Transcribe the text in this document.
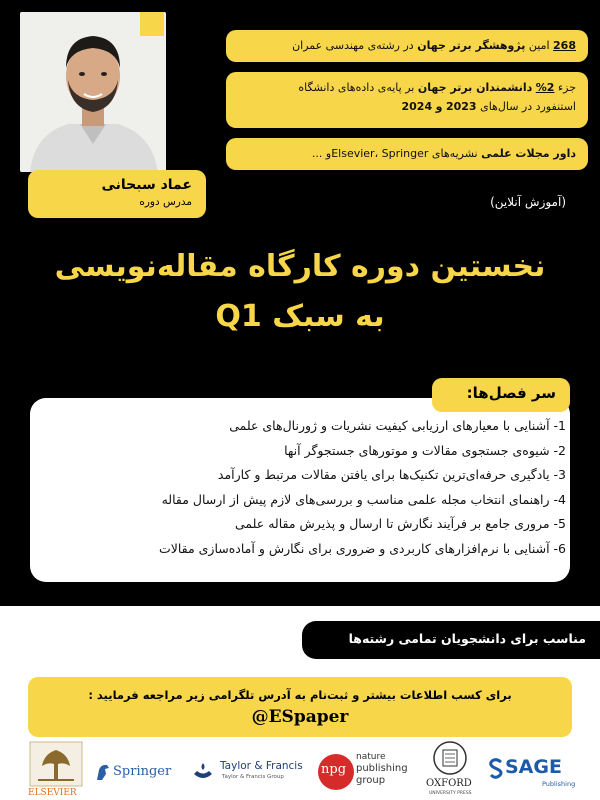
عماد سبحانی
مدرس دوره
268 امین پژوهشگر برتر جهان در رشته‌ی مهندسی عمران
جزء 2% دانشمندان برتر جهان بر پایه‌ی داده‌های دانشگاه
استنفورد در سال‌های 2023 و 2024
داور مجلات علمی نشریه‌های Elsevier، Springerو ...
(آموزش آنلاین)
نخستین دوره کارگاه مقاله‌نویسی
به سبک Q1
سر فصل‌ها:
1- آشنایی با معیارهای ارزیابی کیفیت نشریات و ژورنال‌های علمی
2- شیوه‌ی جستجوی مقالات و موتورهای جستجوگر آنها
3- یادگیری حرفه‌ای‌ترین تکنیک‌ها برای یافتن مقالات مرتبط و کارآمد
4- راهنمای انتخاب مجله علمی مناسب و بررسی‌های لازم پیش از ارسال مقاله
5- مروری جامع بر فرآیند نگارش تا ارسال و پذیرش مقاله علمی
6- آشنایی با نرم‌افزارهای کاربردی و ضروری برای نگارش و آماده‌سازی مقالات
مناسب برای دانشجویان تمامی رشته‌ها
برای کسب اطلاعات بیشتر و ثبت‌نام به آدرس تلگرامی زیر مراجعه فرمایید :
@ESpaper
ELSEVIER
Springer	Taylor & Francis
Taylor & Francis Group	npg
nature
publishing
group	OXFORD
UNIVERSITY PRESS
SAGE
Publishing
